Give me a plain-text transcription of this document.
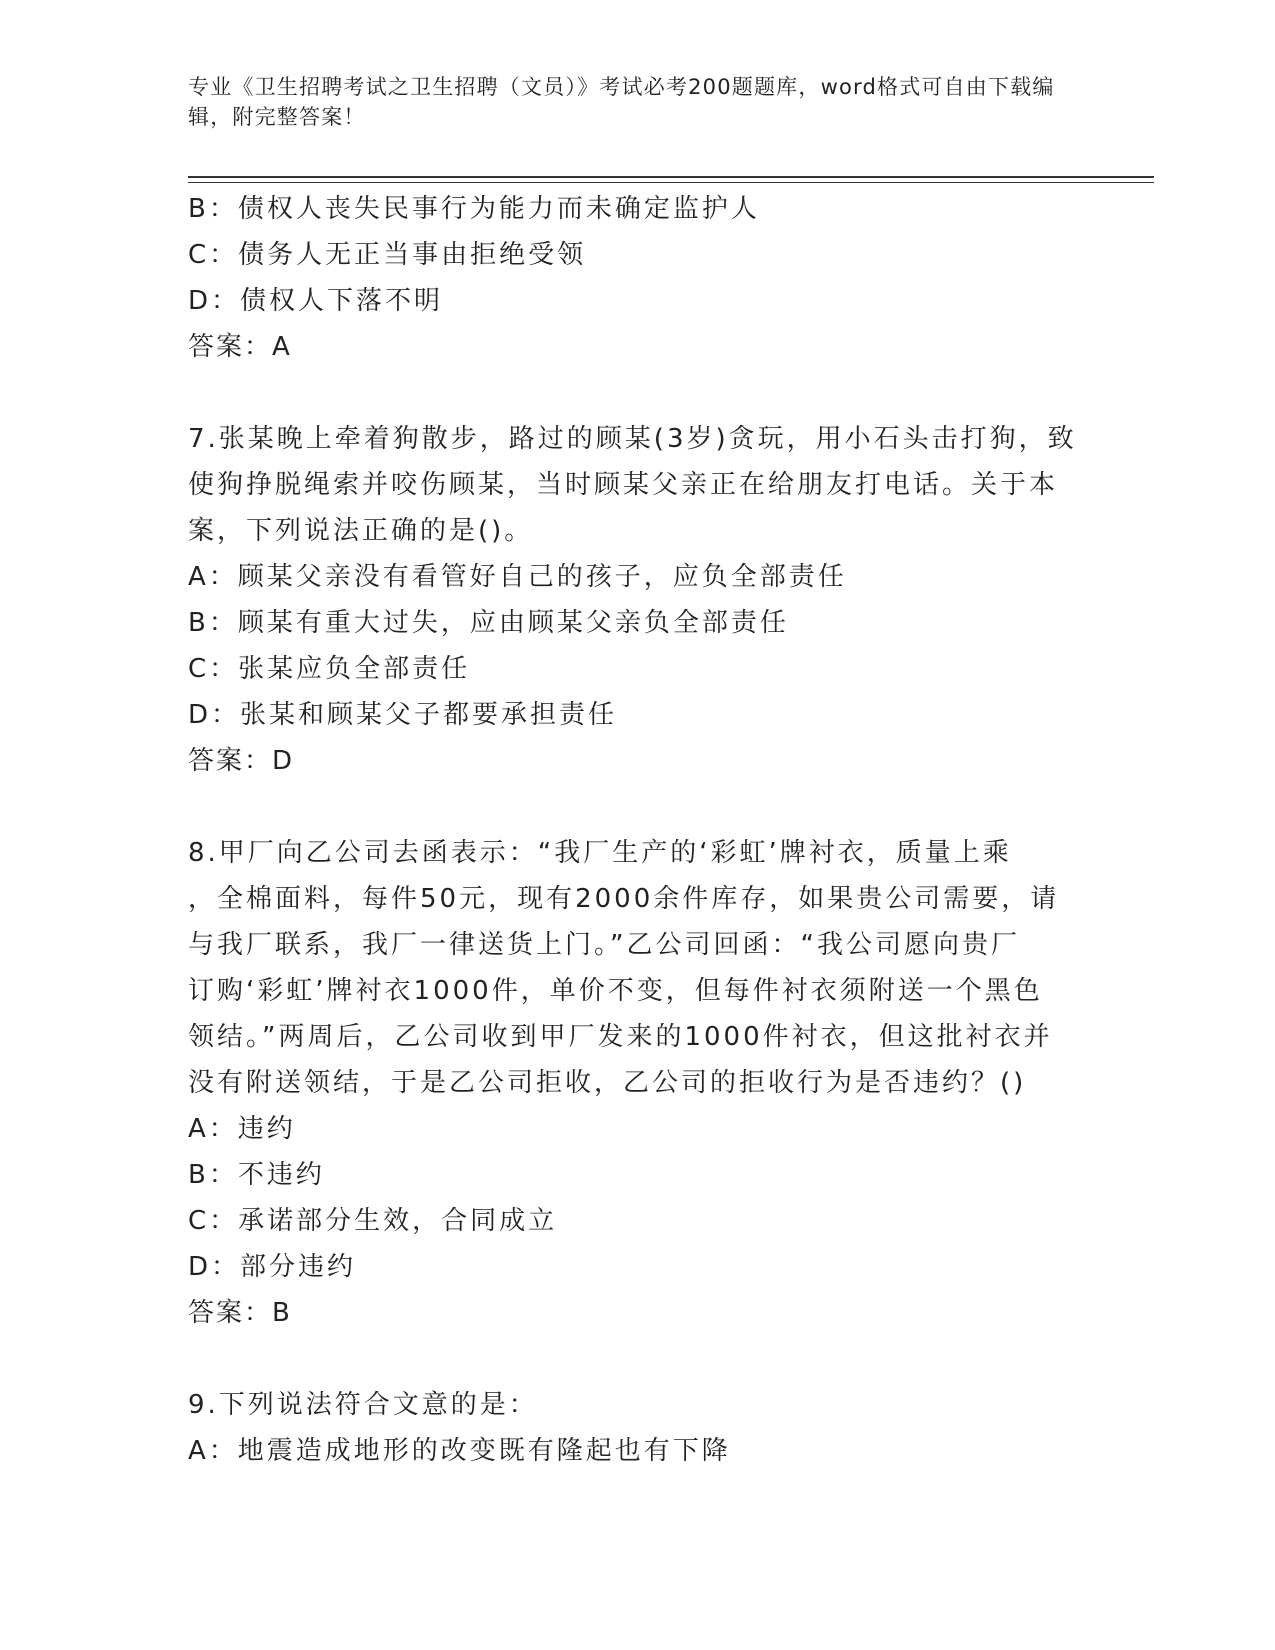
专业《卫生招聘考试之卫生招聘（文员）》考试必考200题题库，word格式可自由下载编辑，附完整答案！
B：债权人丧失民事行为能力而未确定监护人
C：债务人无正当事由拒绝受领
D：债权人下落不明
答案：A
7.张某晚上牵着狗散步，路过的顾某(3岁)贪玩，用小石头击打狗，致
使狗挣脱绳索并咬伤顾某，当时顾某父亲正在给朋友打电话。关于本
案，下列说法正确的是()。
A：顾某父亲没有看管好自己的孩子，应负全部责任
B：顾某有重大过失，应由顾某父亲负全部责任
C：张某应负全部责任
D：张某和顾某父子都要承担责任
答案：D
8.甲厂向乙公司去函表示：“我厂生产的‘彩虹’牌衬衣，质量上乘
，全棉面料，每件50元，现有2000余件库存，如果贵公司需要，请
与我厂联系，我厂一律送货上门。”乙公司回函：“我公司愿向贵厂
订购‘彩虹’牌衬衣1000件，单价不变，但每件衬衣须附送一个黑色
领结。”两周后，乙公司收到甲厂发来的1000件衬衣，但这批衬衣并
没有附送领结，于是乙公司拒收，乙公司的拒收行为是否违约？()
A：违约
B：不违约
C：承诺部分生效，合同成立
D：部分违约
答案：B
9.下列说法符合文意的是：
A：地震造成地形的改变既有隆起也有下降
